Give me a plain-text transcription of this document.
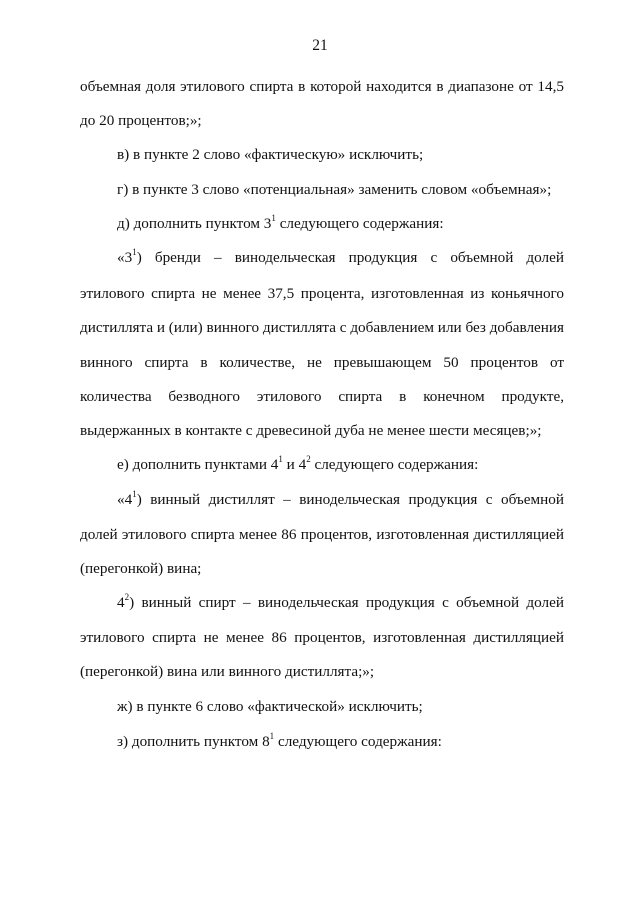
21
объемная доля этилового спирта в которой находится в диапазоне от 14,5
до 20 процентов;»;
в) в пункте 2 слово «фактическую» исключить;
г) в пункте 3 слово «потенциальная» заменить словом «объемная»;
д) дополнить пунктом $3^1$ следующего содержания:
«$3^1$) бренди – винодельческая продукция с объемной долей
этилового спирта не менее 37,5 процента, изготовленная из коньячного
дистиллята и (или) винного дистиллята с добавлением или без добавления
винного спирта в количестве, не превышающем 50 процентов от
количества безводного этилового спирта в конечном продукте,
выдержанных в контакте с древесиной дуба не менее шести месяцев;»;
е) дополнить пунктами $4^1$ и $4^2$ следующего содержания:
«$4^1$) винный дистиллят – винодельческая продукция с объемной
долей этилового спирта менее 86 процентов, изготовленная дистилляцией
(перегонкой) вина;
$4^2$) винный спирт – винодельческая продукция с объемной долей
этилового спирта не менее 86 процентов, изготовленная дистилляцией
(перегонкой) вина или винного дистиллята;»;
ж) в пункте 6 слово «фактической» исключить;
з) дополнить пунктом $8^1$ следующего содержания:
